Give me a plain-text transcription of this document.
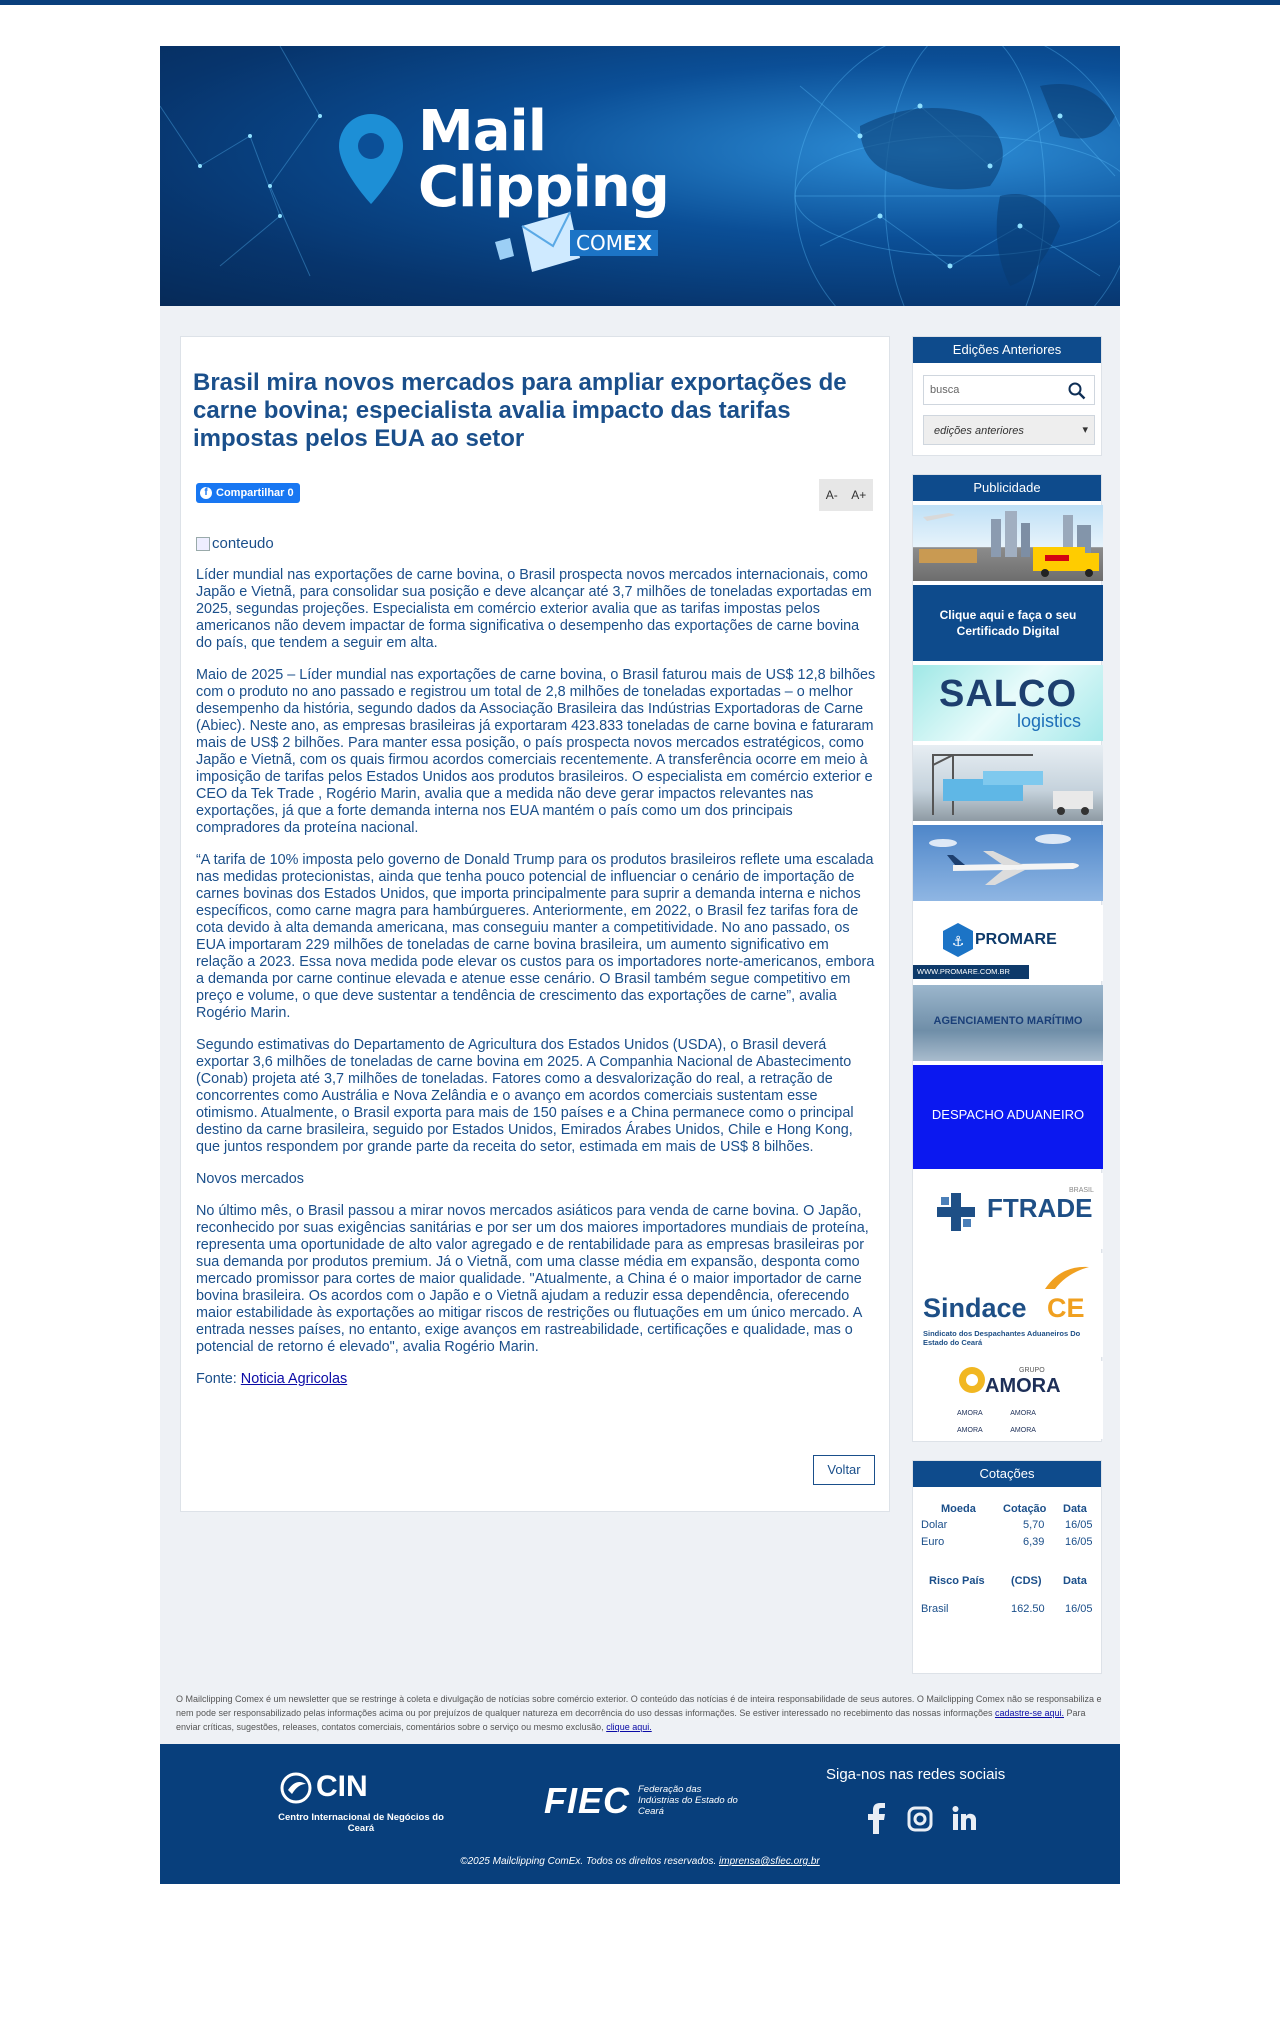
Mail
Clipping
COMEX
Brasil mira novos mercados para ampliar exportações de carne bovina; especialista avalia impacto das tarifas impostas pelos EUA ao setor
f Compartilhar 0	A- A+
conteudo

Líder mundial nas exportações de carne bovina, o Brasil prospecta novos mercados internacionais, como Japão e Vietnã, para consolidar sua posição e deve alcançar até 3,7 milhões de toneladas exportadas em 2025, segundas projeções. Especialista em comércio exterior avalia que as tarifas impostas pelos americanos não devem impactar de forma significativa o desempenho das exportações de carne bovina do país, que tendem a seguir em alta.

Maio de 2025 – Líder mundial nas exportações de carne bovina, o Brasil faturou mais de US$ 12,8 bilhões com o produto no ano passado e registrou um total de 2,8 milhões de toneladas exportadas – o melhor desempenho da história, segundo dados da Associação Brasileira das Indústrias Exportadoras de Carne (Abiec). Neste ano, as empresas brasileiras já exportaram 423.833 toneladas de carne bovina e faturaram mais de US$ 2 bilhões. Para manter essa posição, o país prospecta novos mercados estratégicos, como Japão e Vietnã, com os quais firmou acordos comerciais recentemente. A transferência ocorre em meio à imposição de tarifas pelos Estados Unidos aos produtos brasileiros. O especialista em comércio exterior e CEO da Tek Trade , Rogério Marin, avalia que a medida não deve gerar impactos relevantes nas exportações, já que a forte demanda interna nos EUA mantém o país como um dos principais compradores da proteína nacional.

“A tarifa de 10% imposta pelo governo de Donald Trump para os produtos brasileiros reflete uma escalada nas medidas protecionistas, ainda que tenha pouco potencial de influenciar o cenário de importação de carnes bovinas dos Estados Unidos, que importa principalmente para suprir a demanda interna e nichos específicos, como carne magra para hambúrgueres. Anteriormente, em 2022, o Brasil fez tarifas fora de cota devido à alta demanda americana, mas conseguiu manter a competitividade. No ano passado, os EUA importaram 229 milhões de toneladas de carne bovina brasileira, um aumento significativo em relação a 2023. Essa nova medida pode elevar os custos para os importadores norte-americanos, embora a demanda por carne continue elevada e atenue esse cenário. O Brasil também segue competitivo em preço e volume, o que deve sustentar a tendência de crescimento das exportações de carne”, avalia Rogério Marin.

Segundo estimativas do Departamento de Agricultura dos Estados Unidos (USDA), o Brasil deverá exportar 3,6 milhões de toneladas de carne bovina em 2025. A Companhia Nacional de Abastecimento (Conab) projeta até 3,7 milhões de toneladas. Fatores como a desvalorização do real, a retração de concorrentes como Austrália e Nova Zelândia e o avanço em acordos comerciais sustentam esse otimismo. Atualmente, o Brasil exporta para mais de 150 países e a China permanece como o principal destino da carne brasileira, seguido por Estados Unidos, Emirados Árabes Unidos, Chile e Hong Kong, que juntos respondem por grande parte da receita do setor, estimada em mais de US$ 8 bilhões.

Novos mercados

No último mês, o Brasil passou a mirar novos mercados asiáticos para venda de carne bovina. O Japão, reconhecido por suas exigências sanitárias e por ser um dos maiores importadores mundiais de proteína, representa uma oportunidade de alto valor agregado e de rentabilidade para as empresas brasileiras por sua demanda por produtos premium. Já o Vietnã, com uma classe média em expansão, desponta como mercado promissor para cortes de maior qualidade. "Atualmente, a China é o maior importador de carne bovina brasileira. Os acordos com o Japão e o Vietnã ajudam a reduzir essa dependência, oferecendo maior estabilidade às exportações ao mitigar riscos de restrições ou flutuações em um único mercado. A entrada nesses países, no entanto, exige avanços em rastreabilidade, certificações e qualidade, mas o potencial de retorno é elevado", avalia Rogério Marin.

Fonte: Noticia Agricolas

Voltar
Edições Anteriores
busca
edições anteriores	▾
Publicidade
Clique aqui e faça o seu Certificado Digital
SALCO
logistics
⚓ PROMARE
WWW.PROMARE.COM.BR
AGENCIAMENTO MARÍTIMO
DESPACHO ADUANEIRO
FTRADE
BRASIL
Sindace CE
Sindicato dos Despachantes Aduaneiros Do Estado do Ceará
GRUPO
AMORA
AMORA	AMORA
AMORA	AMORA
Cotações
Moeda Cotação Data
Dolar	5,70 16/05
Euro	6,39 16/05
Risco País (CDS) Data
Brasil	162.50 16/05
O Mailclipping Comex é um newsletter que se restringe à coleta e divulgação de notícias sobre comércio exterior. O conteúdo das notícias é de inteira responsabilidade de seus autores. O Mailclipping Comex não se responsabiliza e nem pode ser responsabilizado pelas informações acima ou por prejuízos de qualquer natureza em decorrência do uso dessas informações. Se estiver interessado no recebimento das nossas informações cadastre-se aqui. Para enviar críticas, sugestões, releases, contatos comerciais, comentários sobre o serviço ou mesmo exclusão, clique aqui.
CIN
Centro Internacional de Negócios do Ceará
FIEC Federação das Indústrias do Estado do Ceará
Siga-nos nas redes sociais
©2025 Mailclipping ComEx. Todos os direitos reservados. imprensa@sfiec.org.br
